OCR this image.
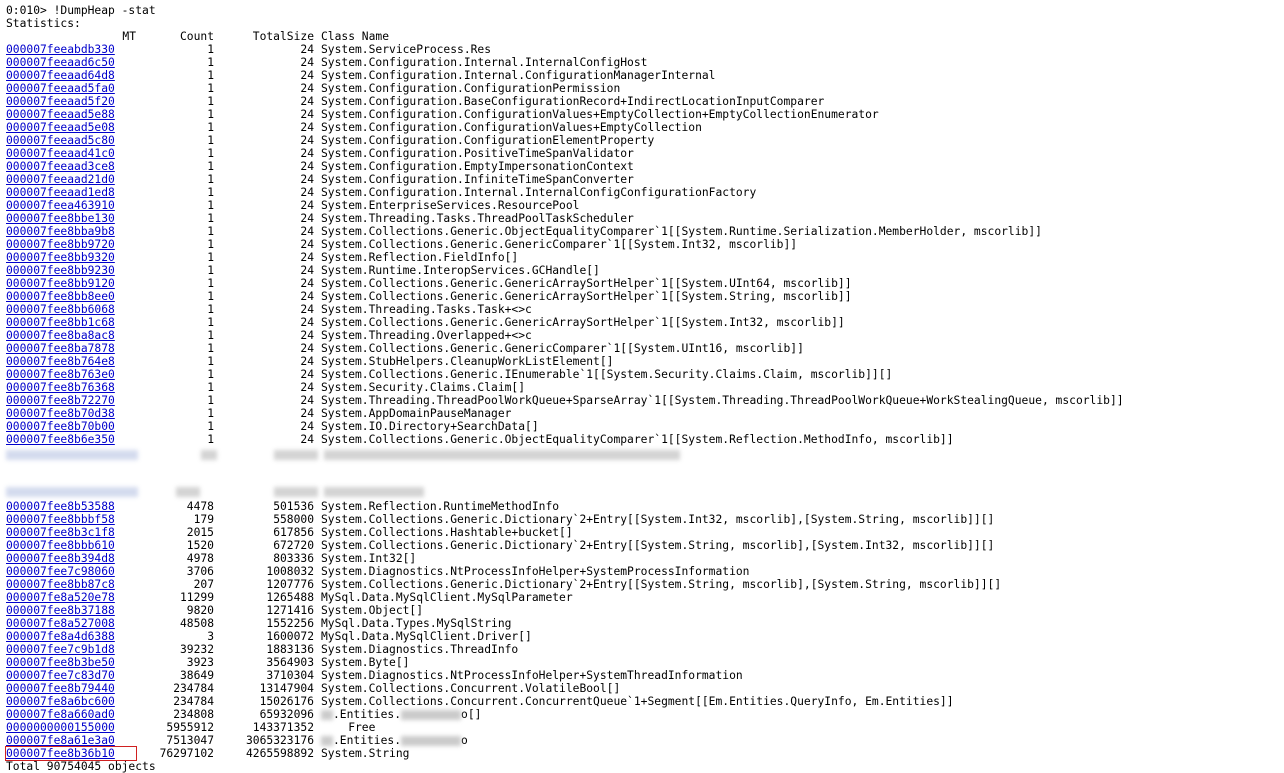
0:010> !DumpHeap -stat
Statistics:
MT	Count	TotalSize Class Name
000007feeabdb330	1	24 System.ServiceProcess.Res
000007feeaad6c50	1	24 System.Configuration.Internal.InternalConfigHost
000007feeaad64d8	1	24 System.Configuration.Internal.ConfigurationManagerInternal
000007feeaad5fa0	1	24 System.Configuration.ConfigurationPermission
000007feeaad5f20	1	24 System.Configuration.BaseConfigurationRecord+IndirectLocationInputComparer
000007feeaad5e88	1	24 System.Configuration.ConfigurationValues+EmptyCollection+EmptyCollectionEnumerator
000007feeaad5e08	1	24 System.Configuration.ConfigurationValues+EmptyCollection
000007feeaad5c80	1	24 System.Configuration.ConfigurationElementProperty
000007feeaad41c0	1	24 System.Configuration.PositiveTimeSpanValidator
000007feeaad3ce8	1	24 System.Configuration.EmptyImpersonationContext
000007feeaad21d0	1	24 System.Configuration.InfiniteTimeSpanConverter
000007feeaad1ed8	1	24 System.Configuration.Internal.InternalConfigConfigurationFactory
000007feea463910	1	24 System.EnterpriseServices.ResourcePool
000007fee8bbe130	1	24 System.Threading.Tasks.ThreadPoolTaskScheduler
000007fee8bba9b8	1	24 System.Collections.Generic.ObjectEqualityComparer`1[[System.Runtime.Serialization.MemberHolder, mscorlib]]
000007fee8bb9720	1	24 System.Collections.Generic.GenericComparer`1[[System.Int32, mscorlib]]
000007fee8bb9320	1	24 System.Reflection.FieldInfo[]
000007fee8bb9230	1	24 System.Runtime.InteropServices.GCHandle[]
000007fee8bb9120	1	24 System.Collections.Generic.GenericArraySortHelper`1[[System.UInt64, mscorlib]]
000007fee8bb8ee0	1	24 System.Collections.Generic.GenericArraySortHelper`1[[System.String, mscorlib]]
000007fee8bb6068	1	24 System.Threading.Tasks.Task+<>c
000007fee8bb1c68	1	24 System.Collections.Generic.GenericArraySortHelper`1[[System.Int32, mscorlib]]
000007fee8ba8ac8	1	24 System.Threading.Overlapped+<>c
000007fee8ba7878	1	24 System.Collections.Generic.GenericComparer`1[[System.UInt16, mscorlib]]
000007fee8b764e8	1	24 System.StubHelpers.CleanupWorkListElement[]
000007fee8b763e0	1	24 System.Collections.Generic.IEnumerable`1[[System.Security.Claims.Claim, mscorlib]][]
000007fee8b76368	1	24 System.Security.Claims.Claim[]
000007fee8b72270	1	24 System.Threading.ThreadPoolWorkQueue+SparseArray`1[[System.Threading.ThreadPoolWorkQueue+WorkStealingQueue, mscorlib]]
000007fee8b70d38	1	24 System.AppDomainPauseManager
000007fee8b70b00	1	24 System.IO.Directory+SearchData[]
000007fee8b6e350	1	24 System.Collections.Generic.ObjectEqualityComparer`1[[System.Reflection.MethodInfo, mscorlib]]
000007fee8b53588	4478	501536 System.Reflection.RuntimeMethodInfo
000007fee8bbbf58	179	558000 System.Collections.Generic.Dictionary`2+Entry[[System.Int32, mscorlib],[System.String, mscorlib]][]
000007fee8b3c1f8	2015	617856 System.Collections.Hashtable+bucket[]
000007fee8bbb610	1520	672720 System.Collections.Generic.Dictionary`2+Entry[[System.String, mscorlib],[System.Int32, mscorlib]][]
000007fee8b394d8	4978	803336 System.Int32[]
000007fee7c98060	3706	1008032 System.Diagnostics.NtProcessInfoHelper+SystemProcessInformation
000007fee8bb87c8	207	1207776 System.Collections.Generic.Dictionary`2+Entry[[System.String, mscorlib],[System.String, mscorlib]][]
000007fe8a520e78	11299	1265488 MySql.Data.MySqlClient.MySqlParameter
000007fee8b37188	9820	1271416 System.Object[]
000007fe8a527008	48508	1552256 MySql.Data.Types.MySqlString
000007fe8a4d6388	3	1600072 MySql.Data.MySqlClient.Driver[]
000007fee7c9b1d8	39232	1883136 System.Diagnostics.ThreadInfo
000007fee8b3be50	3923	3564903 System.Byte[]
000007fee7c83d70	38649	3710304 System.Diagnostics.NtProcessInfoHelper+SystemThreadInformation
000007fee8b79440	234784	13147904 System.Collections.Concurrent.VolatileBool[]
000007fe8a6bc600	234784	15026176 System.Collections.Concurrent.ConcurrentQueue`1+Segment[[Em.Entities.QueryInfo, Em.Entities]]
000007fe8a660ad0	234808	65932096	.Entities.	o[]
0000000000155000	5955912	143371352 Free
000007fe8a61e3a0	7513047	3065323176	.Entities.	o
000007fee8b36b10	76297102	4265598892 System.String
Total 90754045 objects
